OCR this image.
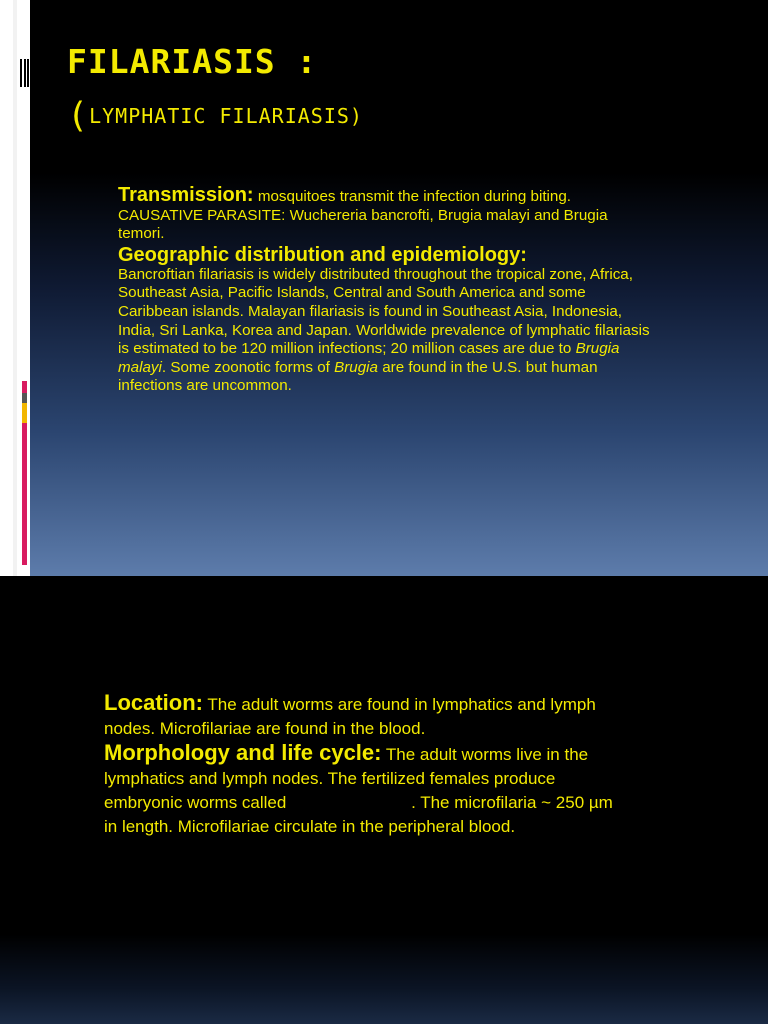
FILARIASIS :
(LYMPHATIC FILARIASIS)

Transmission: mosquitoes transmit the infection during biting.

CAUSATIVE PARASITE: Wuchereria bancrofti, Brugia malayi and Brugia temori.

Geographic distribution and epidemiology:

Bancroftian filariasis is widely distributed throughout the tropical zone, Africa, Southeast Asia, Pacific Islands, Central and South America and some Caribbean islands. Malayan filariasis is found in Southeast Asia, Indonesia, India, Sri Lanka, Korea and Japan. Worldwide prevalence of lymphatic filariasis is estimated to be 120 million infections; 20 million cases are due to Brugia malayi. Some zoonotic forms of Brugia are found in the U.S. but human infections are uncommon.

Location: The adult worms are found in lymphatics and lymph nodes. Microfilariae are found in the blood.

Morphology and life cycle: The adult worms live in the lymphatics and lymph nodes. The fertilized females produce embryonic worms called	. The microfilaria ~ 250 µm in length. Microfilariae circulate in the peripheral blood.
